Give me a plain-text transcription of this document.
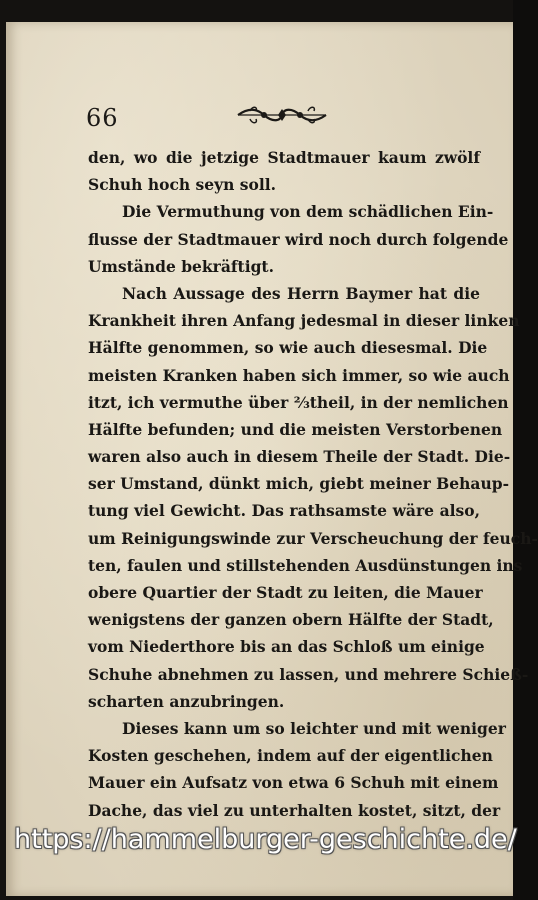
66
den, wo die jetzige Stadtmauer kaum zwölf
Schuh hoch seyn soll.
Die Vermuthung von dem schädlichen Ein-
flusse der Stadtmauer wird noch durch folgende
Umstände bekräftigt.
Nach Aussage des Herrn Baymer hat die
Krankheit ihren Anfang jedesmal in dieser linken
Hälfte genommen, so wie auch diesesmal. Die
meisten Kranken haben sich immer, so wie auch
itzt, ich vermuthe über ⅔theil, in der nemlichen
Hälfte befunden; und die meisten Verstorbenen
waren also auch in diesem Theile der Stadt. Die-
ser Umstand, dünkt mich, giebt meiner Behaup-
tung viel Gewicht. Das rathsamste wäre also,
um Reinigungswinde zur Verscheuchung der feuch-
ten, faulen und stillstehenden Ausdünstungen ins
obere Quartier der Stadt zu leiten, die Mauer
wenigstens der ganzen obern Hälfte der Stadt,
vom Niederthore bis an das Schloß um einige
Schuhe abnehmen zu lassen, und mehrere Schieß-
scharten anzubringen.
Dieses kann um so leichter und mit weniger
Kosten geschehen, indem auf der eigentlichen
Mauer ein Aufsatz von etwa 6 Schuh mit einem
Dache, das viel zu unterhalten kostet, sitzt, der
https://hammelburger-geschichte.de/
